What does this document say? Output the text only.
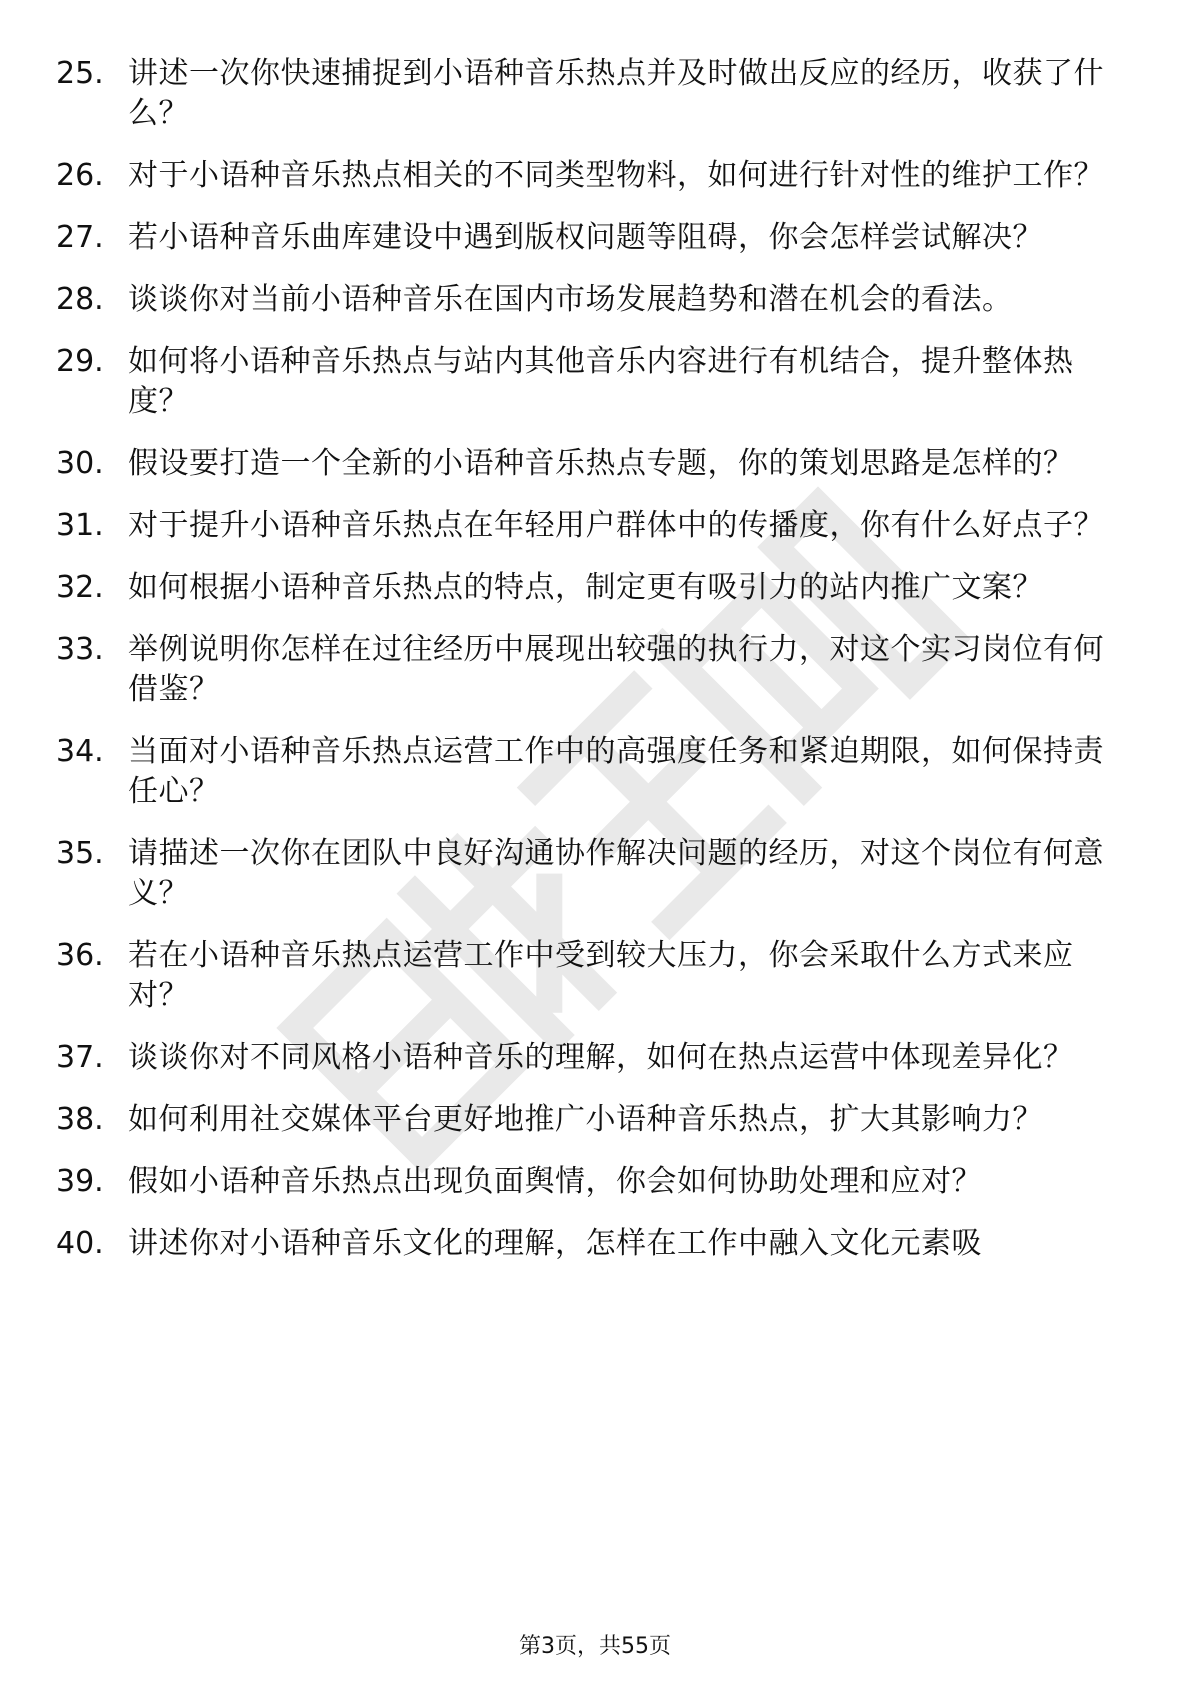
25. 讲述一次你快速捕捉到小语种音乐热点并及时做出反应的经历，收获了什么？
26. 对于小语种音乐热点相关的不同类型物料，如何进行针对性的维护工作？
27. 若小语种音乐曲库建设中遇到版权问题等阻碍，你会怎样尝试解决？
28. 谈谈你对当前小语种音乐在国内市场发展趋势和潜在机会的看法。
29. 如何将小语种音乐热点与站内其他音乐内容进行有机结合，提升整体热度？
30. 假设要打造一个全新的小语种音乐热点专题，你的策划思路是怎样的？
31. 对于提升小语种音乐热点在年轻用户群体中的传播度，你有什么好点子？
32. 如何根据小语种音乐热点的特点，制定更有吸引力的站内推广文案？
33. 举例说明你怎样在过往经历中展现出较强的执行力，对这个实习岗位有何借鉴？
34. 当面对小语种音乐热点运营工作中的高强度任务和紧迫期限，如何保持责任心？
35. 请描述一次你在团队中良好沟通协作解决问题的经历，对这个岗位有何意义？
36. 若在小语种音乐热点运营工作中受到较大压力，你会采取什么方式来应对？
37. 谈谈你对不同风格小语种音乐的理解，如何在热点运营中体现差异化？
38. 如何利用社交媒体平台更好地推广小语种音乐热点，扩大其影响力？
39. 假如小语种音乐热点出现负面舆情，你会如何协助处理和应对？
40. 讲述你对小语种音乐文化的理解，怎样在工作中融入文化元素吸
第3页，共55页
